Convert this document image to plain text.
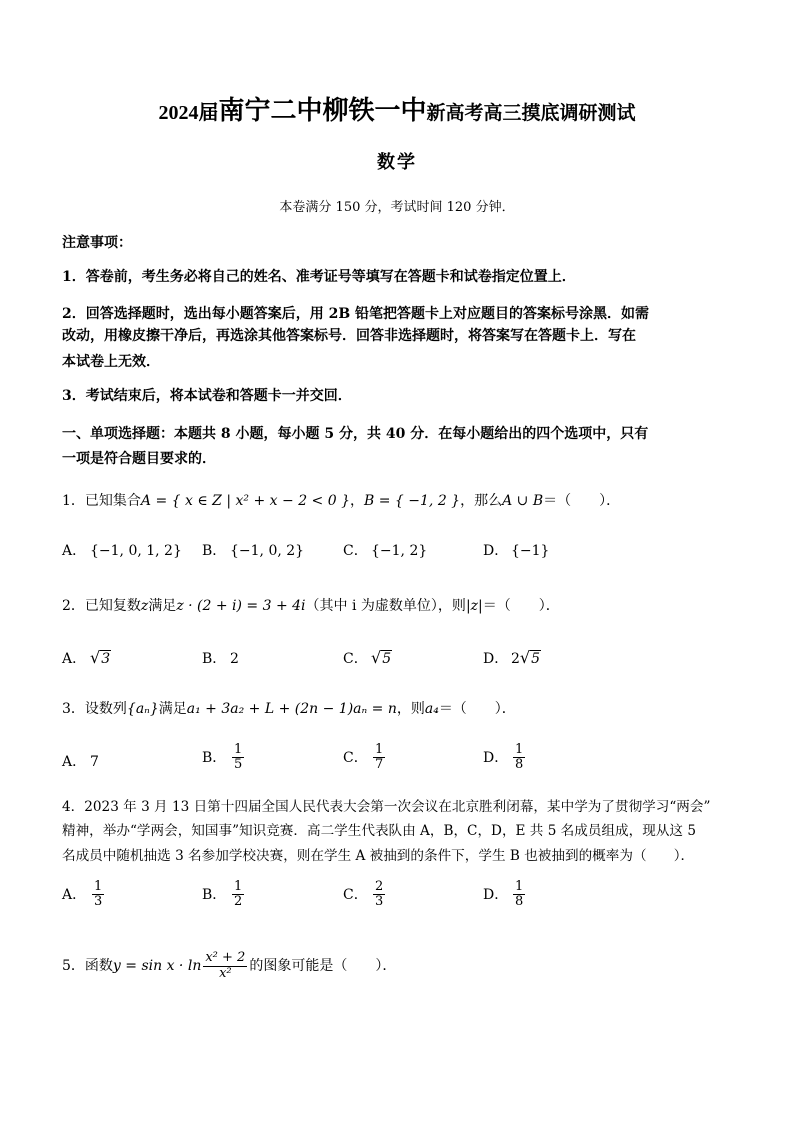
2024届南宁二中柳铁一中新高考高三摸底调研测试
数学
本卷满分 150 分，考试时间 120 分钟．
注意事项：
1．答卷前，考生务必将自己的姓名、准考证号等填写在答题卡和试卷指定位置上．
2．回答选择题时，选出每小题答案后，用 2B 铅笔把答题卡上对应题目的答案标号涂黑．如需
改动，用橡皮擦干净后，再选涂其他答案标号．回答非选择题时，将答案写在答题卡上．写在
本试卷上无效．
3．考试结束后，将本试卷和答题卡一并交回．
一、单项选择题：本题共 8 小题，每小题 5 分，共 40 分．在每小题给出的四个选项中，只有
一项是符合题目要求的．
1．已知集合A = { x ∈ Z | x² + x − 2 < 0 }，B = { −1, 2 }，那么A ∪ B＝（　　）．
A． {−1, 0, 1, 2} B． {−1, 0, 2}	C． {−1, 2}	D． {−1}
2．已知复数z满足z · (2 + i) = 3 + 4i（其中 i 为虚数单位），则|z|＝（　　）．
A． √3	B． 2	C． √5	D． 2√5
3．设数列{aₙ}满足a₁ + 3a₂ + L + (2n − 1)aₙ = n，则a₄＝（　　）．
A． 7	B． $\frac{1}{5}$	C． $\frac{1}{7}$	D． $\frac{1}{8}$
4．2023 年 3 月 13 日第十四届全国人民代表大会第一次会议在北京胜利闭幕，某中学为了贯彻学习“两会”
精神，举办“学两会，知国事”知识竞赛．高二学生代表队由 A，B，C，D，E 共 5 名成员组成，现从这 5
名成员中随机抽选 3 名参加学校决赛，则在学生 A 被抽到的条件下，学生 B 也被抽到的概率为（　　）．
A． $\frac{1}{3}$	B． $\frac{1}{2}$	C． $\frac{2}{3}$	D． $\frac{1}{8}$
5．函数$y = \sin x \cdot \ln \frac{\text{x² + 2}}{\text{x²}}$ 的图象可能是（　　）．
